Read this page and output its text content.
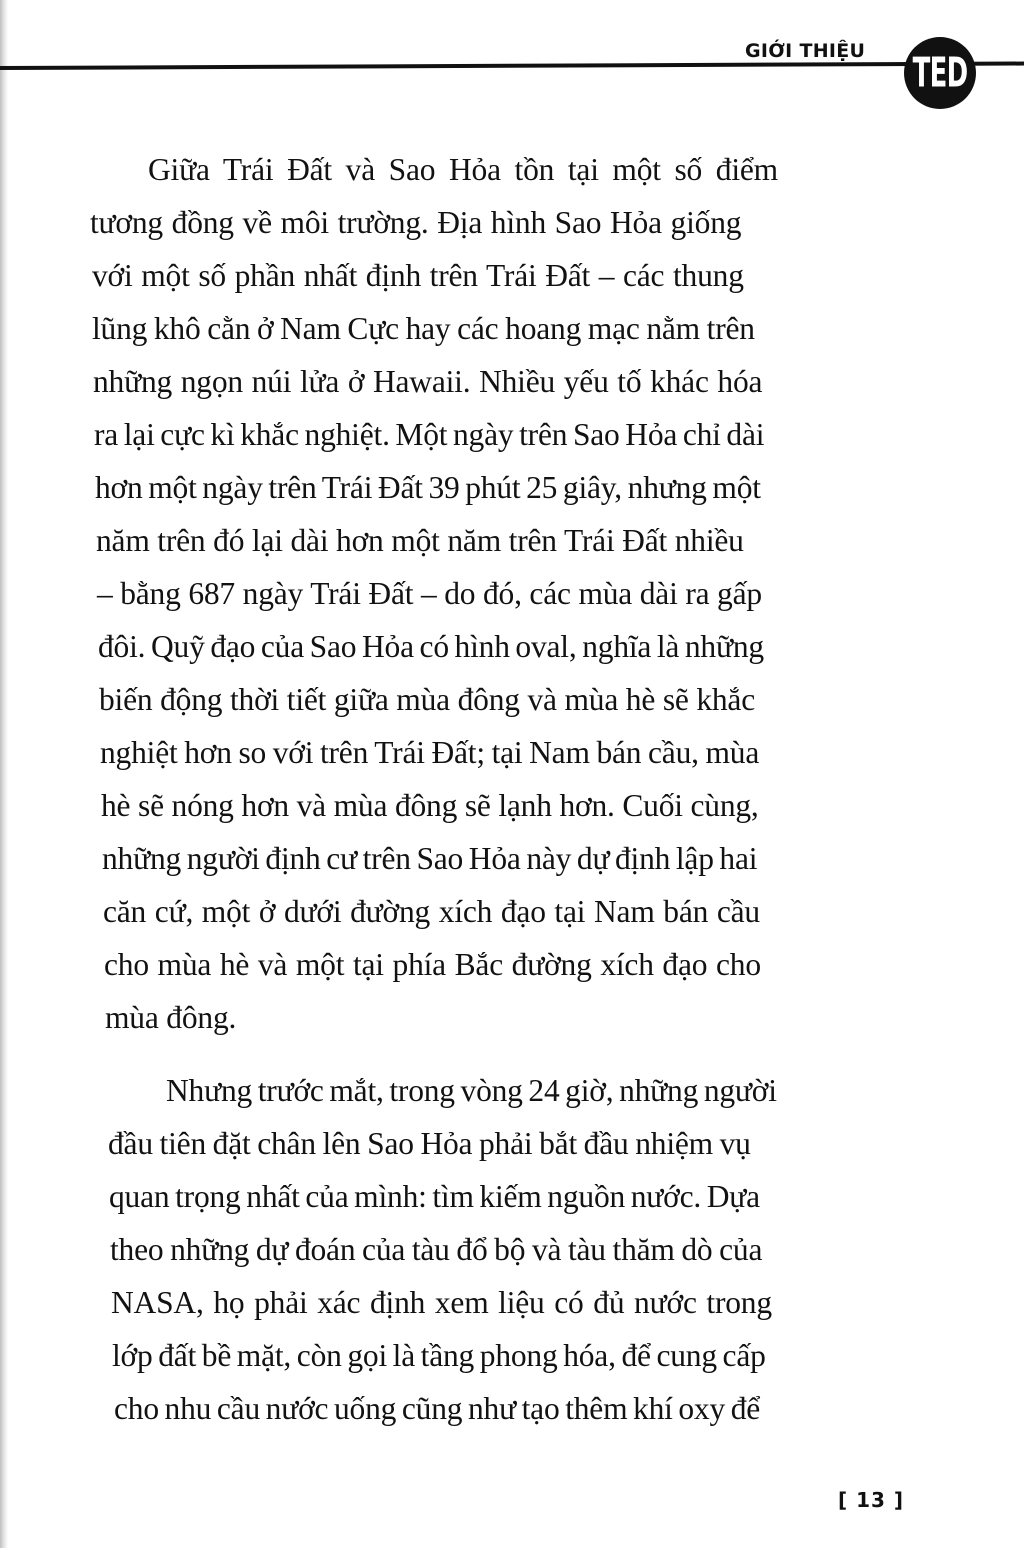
GIỚI THIỆU TED
Giữa Trái Đất và Sao Hỏa tồn tại một số điểm
tương đồng về môi trường. Địa hình Sao Hỏa giống
với một số phần nhất định trên Trái Đất – các thung
lũng khô cằn ở Nam Cực hay các hoang mạc nằm trên
những ngọn núi lửa ở Hawaii. Nhiều yếu tố khác hóa
ra lại cực kì khắc nghiệt. Một ngày trên Sao Hỏa chỉ dài
hơn một ngày trên Trái Đất 39 phút 25 giây, nhưng một
năm trên đó lại dài hơn một năm trên Trái Đất nhiều
– bằng 687 ngày Trái Đất – do đó, các mùa dài ra gấp
đôi. Quỹ đạo của Sao Hỏa có hình oval, nghĩa là những
biến động thời tiết giữa mùa đông và mùa hè sẽ khắc
nghiệt hơn so với trên Trái Đất; tại Nam bán cầu, mùa
hè sẽ nóng hơn và mùa đông sẽ lạnh hơn. Cuối cùng,
những người định cư trên Sao Hỏa này dự định lập hai
căn cứ, một ở dưới đường xích đạo tại Nam bán cầu
cho mùa hè và một tại phía Bắc đường xích đạo cho
mùa đông.
Nhưng trước mắt, trong vòng 24 giờ, những người
đầu tiên đặt chân lên Sao Hỏa phải bắt đầu nhiệm vụ
quan trọng nhất của mình: tìm kiếm nguồn nước. Dựa
theo những dự đoán của tàu đổ bộ và tàu thăm dò của
NASA, họ phải xác định xem liệu có đủ nước trong
lớp đất bề mặt, còn gọi là tầng phong hóa, để cung cấp
cho nhu cầu nước uống cũng như tạo thêm khí oxy để
[ 13 ]
